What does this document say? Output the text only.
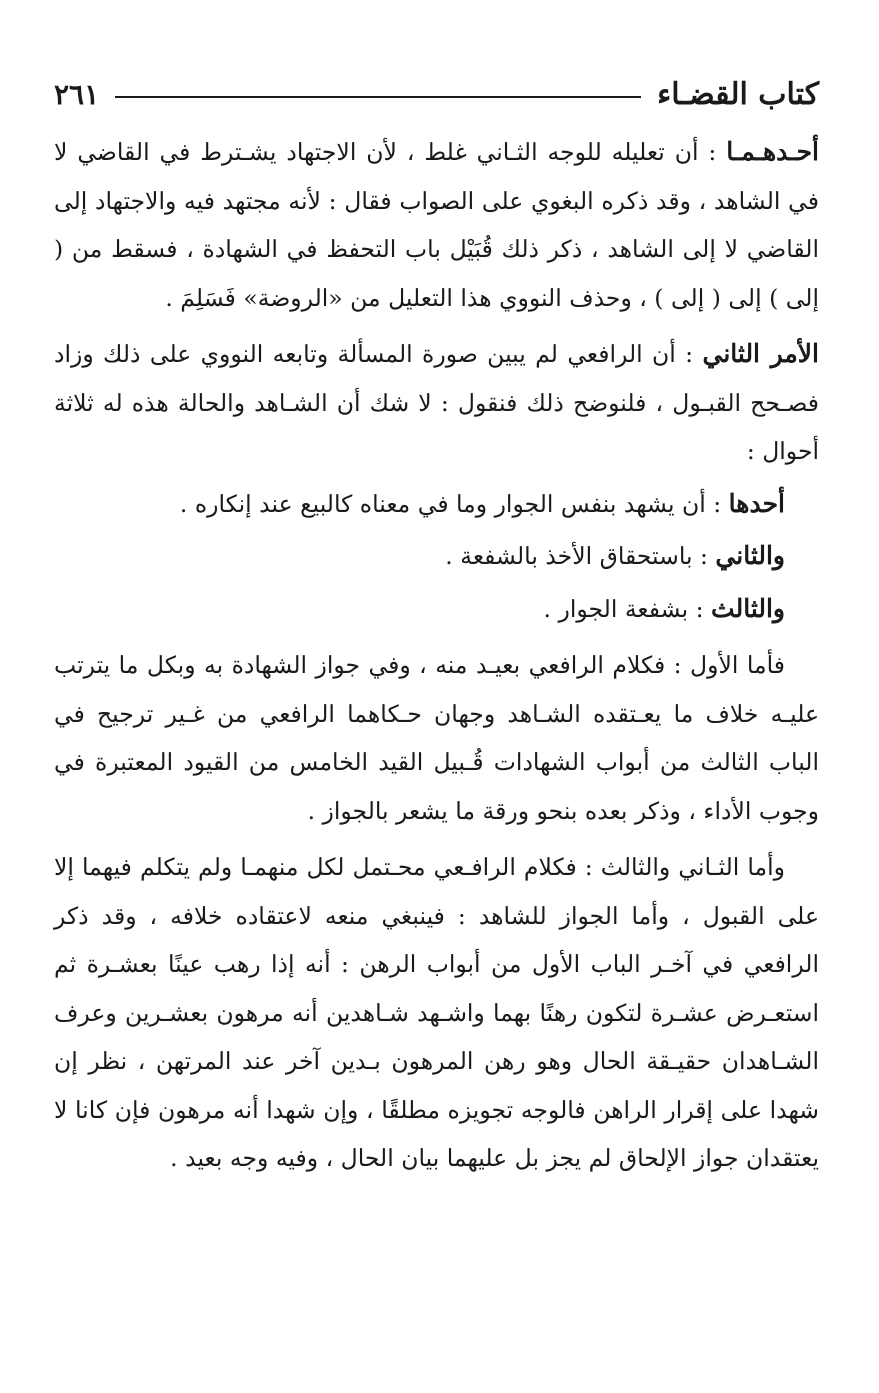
كتاب القضـاء
٢٦١

أحـدهـمـا : أن تعليله للوجه الثـاني غلط ، لأن الاجتهاد يشـترط في القاضي لا في الشاهد ، وقد ذكره البغوي على الصواب فقال : لأنه مجتهد فيه والاجتهاد إلى القاضي لا إلى الشاهد ، ذكر ذلك قُبَيْل باب التحفظ في الشهادة ، فسقط من ( إلى ) إلى ( إلى ) ، وحذف النووي هذا التعليل من «الروضة» فَسَلِمَ .

الأمر الثاني : أن الرافعي لم يبين صورة المسألة وتابعه النووي على ذلك وزاد فصـحح القبـول ، فلنوضح ذلك فنقول : لا شك أن الشـاهد والحالة هذه له ثلاثة أحوال :

أحدها : أن يشهد بنفس الجوار وما في معناه كالبيع عند إنكاره .

والثاني : باستحقاق الأخذ بالشفعة .

والثالث : بشفعة الجوار .

فأما الأول : فكلام الرافعي بعيـد منه ، وفي جواز الشهادة به وبكل ما يترتب عليـه خلاف ما يعـتقده الشـاهد وجهان حـكاهما الرافعي من غـير ترجيح في الباب الثالث من أبواب الشهادات قُـبيل القيد الخامس من القيود المعتبرة في وجوب الأداء ، وذكر بعده بنحو ورقة ما يشعر بالجواز .

وأما الثـاني والثالث : فكلام الرافـعي محـتمل لكل منهمـا ولم يتكلم فيهما إلا على القبول ، وأما الجواز للشاهد : فينبغي منعه لاعتقاده خلافه ، وقد ذكر الرافعي في آخـر الباب الأول من أبواب الرهن : أنه إذا رهب عينًا بعشـرة ثم استعـرض عشـرة لتكون رهنًا بهما واشـهد شـاهدين أنه مرهون بعشـرين وعرف الشـاهدان حقيـقة الحال وهو رهن المرهون بـدين آخر عند المرتهن ، نظر إن شهدا على إقرار الراهن فالوجه تجويزه مطلقًا ، وإن شهدا أنه مرهون فإن كانا لا يعتقدان جواز الإلحاق لم يجز بل عليهما بيان الحال ، وفيه وجه بعيد .
